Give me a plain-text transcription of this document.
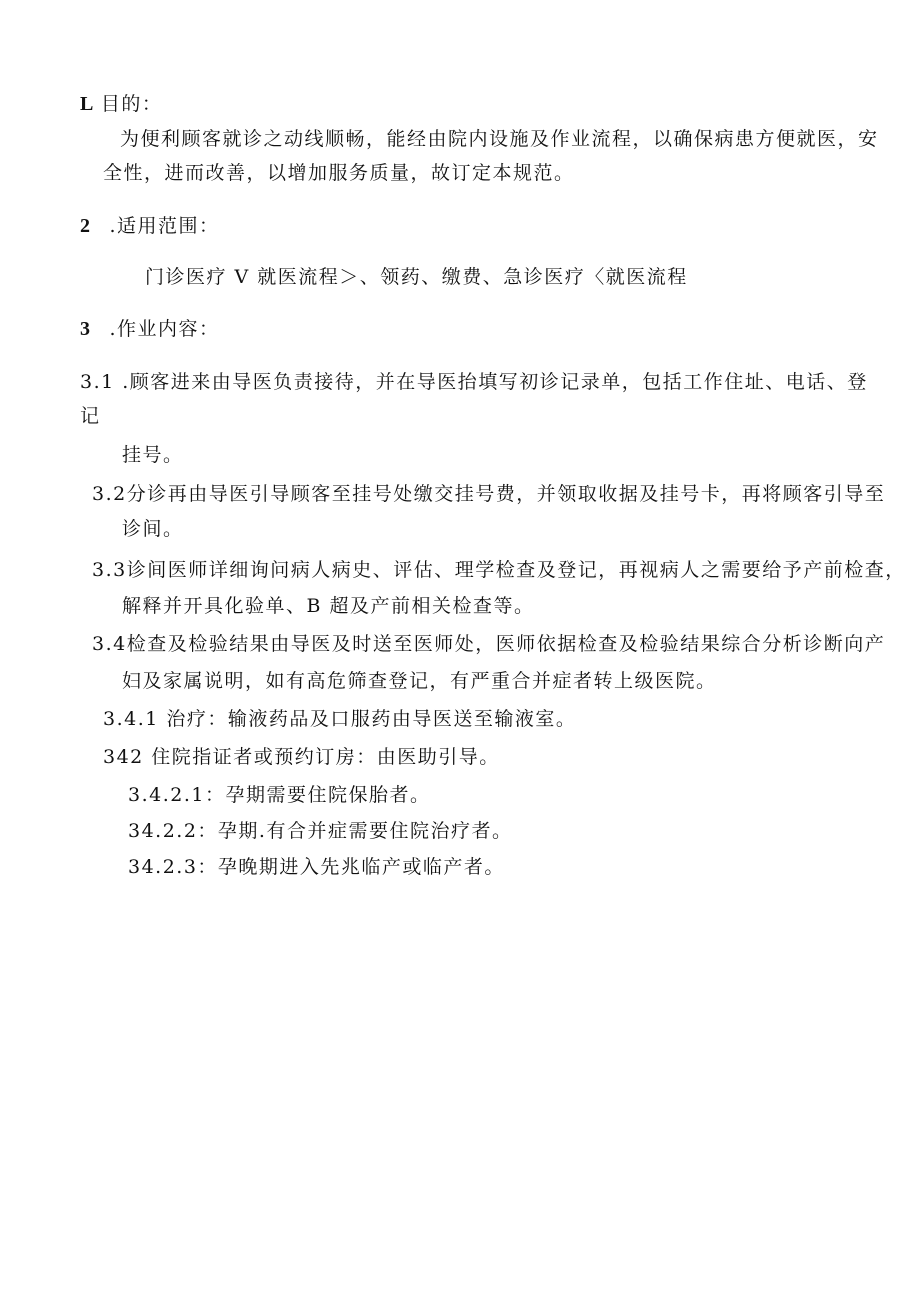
L 目的：
为便利顾客就诊之动线顺畅，能经由院内设施及作业流程，以确保病患方便就医，安
全性，进而改善，以增加服务质量，故订定本规范。
2 .适用范围：
门诊医疗 V 就医流程＞、领药、缴费、急诊医疗〈就医流程
3 .作业内容：
3.1 .顾客进来由导医负责接待，并在导医抬填写初诊记录单，包括工作住址、电话、登
记
挂号。
3.2分诊再由导医引导顾客至挂号处缴交挂号费，并领取收据及挂号卡，再将顾客引导至
诊间。
3.3诊间医师详细询问病人病史、评估、理学检查及登记，再视病人之需要给予产前检查，
解释并开具化验单、B 超及产前相关检查等。
3.4检查及检验结果由导医及时送至医师处，医师依据检查及检验结果综合分析诊断向产
妇及家属说明，如有高危筛查登记，有严重合并症者转上级医院。
3.4.1 治疗：输液药品及口服药由导医送至输液室。
342 住院指证者或预约订房：由医助引导。
3.4.2.1：孕期需要住院保胎者。
34.2.2：孕期.有合并症需要住院治疗者。
34.2.3：孕晚期进入先兆临产或临产者。
